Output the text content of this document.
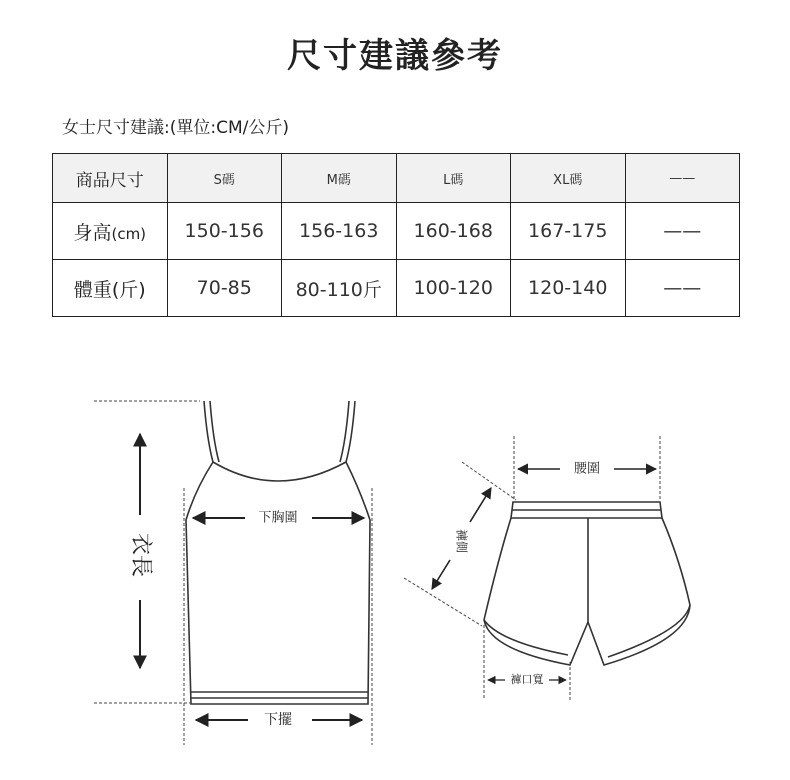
尺寸建議參考
女士尺寸建議:(單位:CM/公斤)
商品尺寸	S碼	M碼	L碼	XL碼	——
身高(cm)	150-156	156-163	160-168	167-175	——
體重(斤)	70-85	80-110斤	100-120	120-140	——
衣長
下胸圍
下擺
腰圍
褲側
褲口寬
